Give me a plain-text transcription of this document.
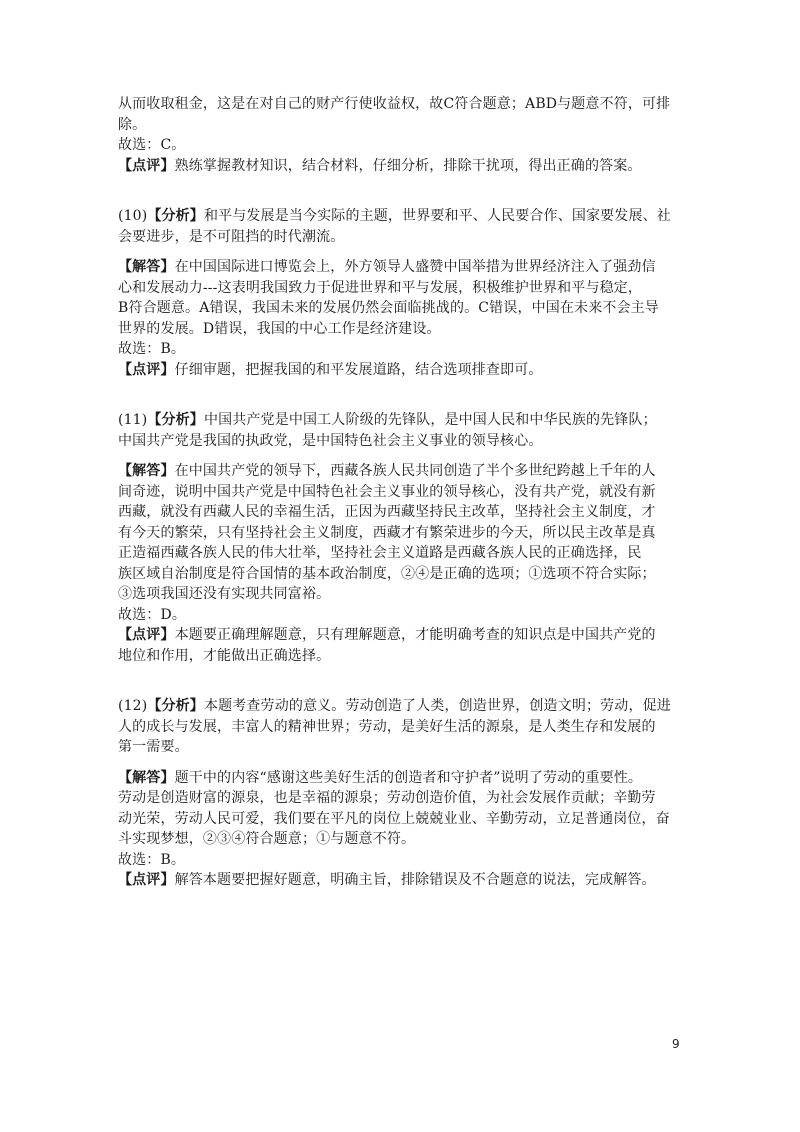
从而收取租金，这是在对自己的财产行使收益权，故C符合题意；ABD与题意不符，可排
除。
故选：C。
【点评】熟练掌握教材知识，结合材料，仔细分析，排除干扰项，得出正确的答案。
(10)【分析】和平与发展是当今实际的主题，世界要和平、人民要合作、国家要发展、社
会要进步，是不可阻挡的时代潮流。
【解答】在中国国际进口博览会上，外方领导人盛赞中国举措为世界经济注入了强劲信
心和发展动力---这表明我国致力于促进世界和平与发展，积极维护世界和平与稳定，
B符合题意。A错误，我国未来的发展仍然会面临挑战的。C错误，中国在未来不会主导
世界的发展。D错误，我国的中心工作是经济建设。
故选：B。
【点评】仔细审题，把握我国的和平发展道路，结合选项排查即可。
(11)【分析】中国共产党是中国工人阶级的先锋队，是中国人民和中华民族的先锋队；
中国共产党是我国的执政党，是中国特色社会主义事业的领导核心。
【解答】在中国共产党的领导下，西藏各族人民共同创造了半个多世纪跨越上千年的人
间奇迹，说明中国共产党是中国特色社会主义事业的领导核心，没有共产党，就没有新
西藏，就没有西藏人民的幸福生活，正因为西藏坚持民主改革，坚持社会主义制度，才
有今天的繁荣，只有坚持社会主义制度，西藏才有繁荣进步的今天，所以民主改革是真
正造福西藏各族人民的伟大壮举，坚持社会主义道路是西藏各族人民的正确选择，民
族区域自治制度是符合国情的基本政治制度，②④是正确的选项；①选项不符合实际；
③选项我国还没有实现共同富裕。
故选：D。
【点评】本题要正确理解题意，只有理解题意，才能明确考查的知识点是中国共产党的
地位和作用，才能做出正确选择。
(12)【分析】本题考查劳动的意义。劳动创造了人类，创造世界，创造文明；劳动，促进
人的成长与发展，丰富人的精神世界；劳动，是美好生活的源泉，是人类生存和发展的
第一需要。
【解答】题干中的内容“感谢这些美好生活的创造者和守护者”说明了劳动的重要性。
劳动是创造财富的源泉，也是幸福的源泉；劳动创造价值，为社会发展作贡献；辛勤劳
动光荣，劳动人民可爱，我们要在平凡的岗位上兢兢业业、辛勤劳动，立足普通岗位，奋
斗实现梦想，②③④符合题意；①与题意不符。
故选：B。
【点评】解答本题要把握好题意，明确主旨，排除错误及不合题意的说法，完成解答。
9
